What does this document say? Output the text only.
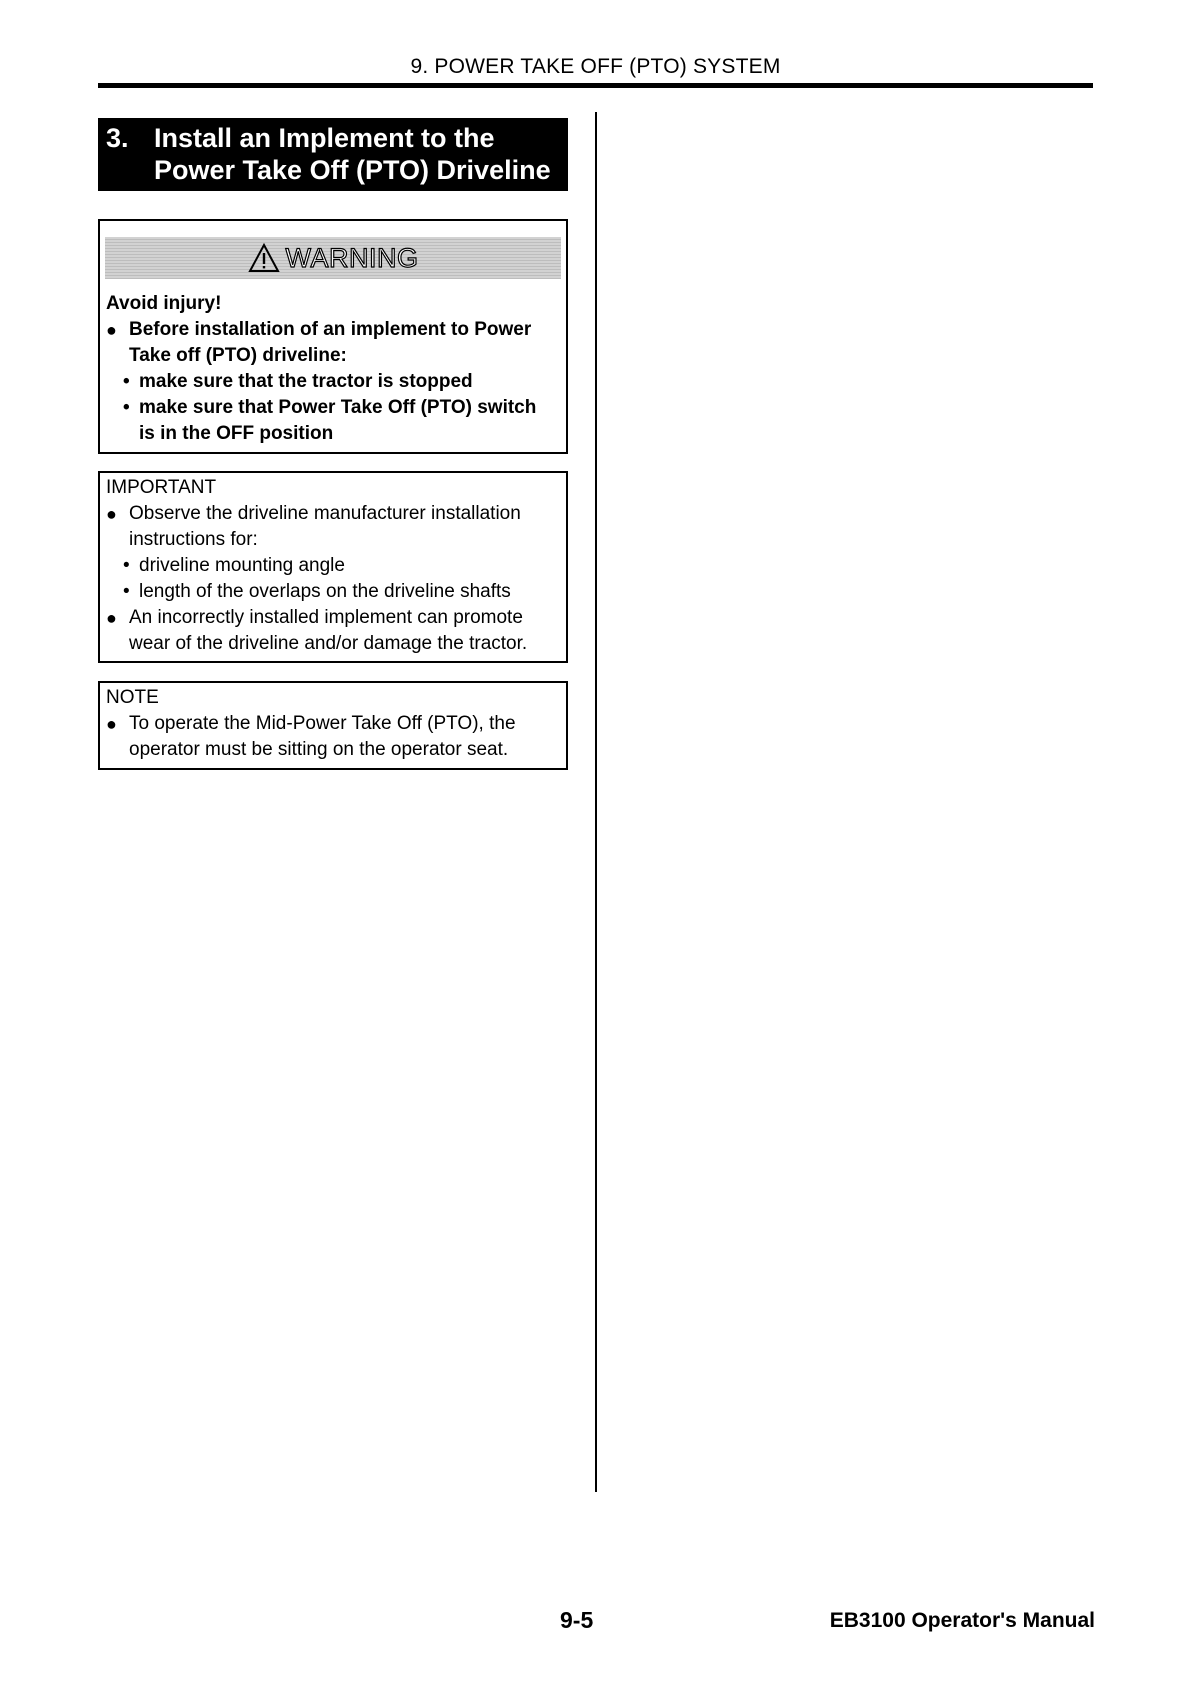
9. POWER TAKE OFF (PTO) SYSTEM
3. Install an Implement to the
Power Take Off (PTO) Driveline
WARNING
Avoid injury!
● Before installation of an implement to Power
Take off (PTO) driveline:
• make sure that the tractor is stopped
• make sure that Power Take Off (PTO) switch
is in the OFF position
IMPORTANT
● Observe the driveline manufacturer installation
instructions for:
• driveline mounting angle
• length of the overlaps on the driveline shafts
● An incorrectly installed implement can promote
wear of the driveline and/or damage the tractor.
NOTE
● To operate the Mid-Power Take Off (PTO), the
operator must be sitting on the operator seat.
9-5	EB3100 Operator's Manual
